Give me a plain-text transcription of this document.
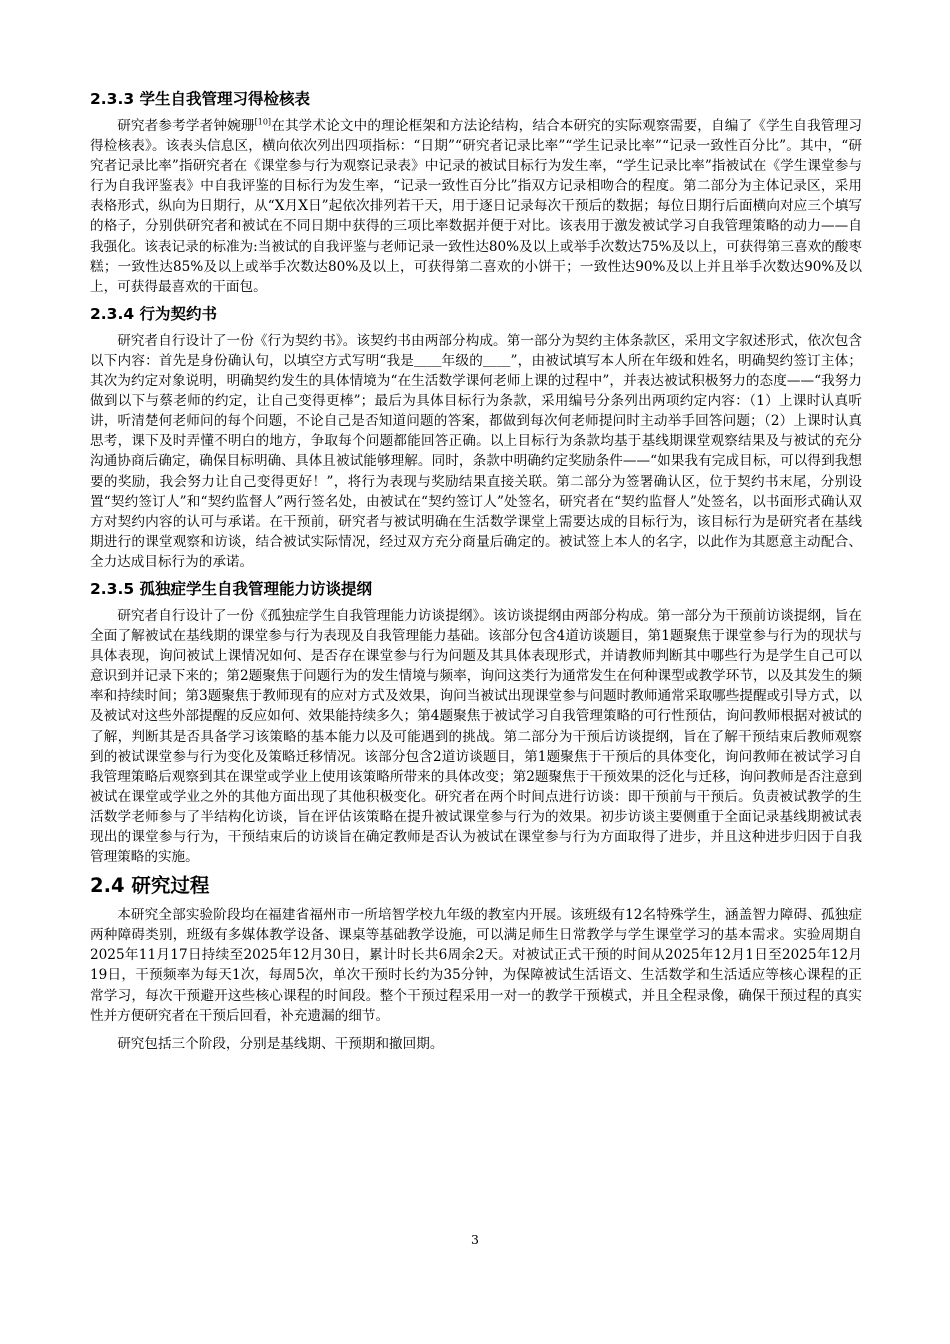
2.3.3 学生自我管理习得检核表

研究者参考学者钟婉珊[10]在其学术论文中的理论框架和方法论结构，结合本研究的实际观察需要，自编了《学生自我管理习得检核表》。该表头信息区，横向依次列出四项指标：“日期”“研究者记录比率”“学生记录比率”“记录一致性百分比”。其中，“研究者记录比率”指研究者在《课堂参与行为观察记录表》中记录的被试目标行为发生率，“学生记录比率”指被试在《学生课堂参与行为自我评鉴表》中自我评鉴的目标行为发生率，“记录一致性百分比”指双方记录相吻合的程度。第二部分为主体记录区，采用表格形式，纵向为日期行，从“X月X日”起依次排列若干天，用于逐日记录每次干预后的数据；每位日期行后面横向对应三个填写的格子，分别供研究者和被试在不同日期中获得的三项比率数据并便于对比。该表用于激发被试学习自我管理策略的动力——自我强化。该表记录的标准为:当被试的自我评鉴与老师记录一致性达80%及以上或举手次数达75%及以上，可获得第三喜欢的酸枣糕；一致性达85%及以上或举手次数达80%及以上，可获得第二喜欢的小饼干；一致性达90%及以上并且举手次数达90%及以上，可获得最喜欢的干面包。

2.3.4 行为契约书

研究者自行设计了一份《行为契约书》。该契约书由两部分构成。第一部分为契约主体条款区，采用文字叙述形式，依次包含以下内容：首先是身份确认句，以填空方式写明“我是＿＿年级的＿＿”，由被试填写本人所在年级和姓名，明确契约签订主体；其次为约定对象说明，明确契约发生的具体情境为“在生活数学课何老师上课的过程中”，并表达被试积极努力的态度——“我努力做到以下与蔡老师的约定，让自己变得更棒”；最后为具体目标行为条款，采用编号分条列出两项约定内容：（1）上课时认真听讲，听清楚何老师问的每个问题，不论自己是否知道问题的答案，都做到每次何老师提问时主动举手回答问题；（2）上课时认真思考，课下及时弄懂不明白的地方，争取每个问题都能回答正确。以上目标行为条款均基于基线期课堂观察结果及与被试的充分沟通协商后确定，确保目标明确、具体且被试能够理解。同时，条款中明确约定奖励条件——“如果我有完成目标，可以得到我想要的奖励，我会努力让自己变得更好！”，将行为表现与奖励结果直接关联。第二部分为签署确认区，位于契约书末尾，分别设置“契约签订人”和“契约监督人”两行签名处，由被试在“契约签订人”处签名，研究者在“契约监督人”处签名，以书面形式确认双方对契约内容的认可与承诺。在干预前，研究者与被试明确在生活数学课堂上需要达成的目标行为，该目标行为是研究者在基线期进行的课堂观察和访谈，结合被试实际情况，经过双方充分商量后确定的。被试签上本人的名字，以此作为其愿意主动配合、全力达成目标行为的承诺。

2.3.5 孤独症学生自我管理能力访谈提纲

研究者自行设计了一份《孤独症学生自我管理能力访谈提纲》。该访谈提纲由两部分构成。第一部分为干预前访谈提纲，旨在全面了解被试在基线期的课堂参与行为表现及自我管理能力基础。该部分包含4道访谈题目，第1题聚焦于课堂参与行为的现状与具体表现，询问被试上课情况如何、是否存在课堂参与行为问题及其具体表现形式，并请教师判断其中哪些行为是学生自己可以意识到并记录下来的；第2题聚焦于问题行为的发生情境与频率，询问这类行为通常发生在何种课型或教学环节，以及其发生的频率和持续时间；第3题聚焦于教师现有的应对方式及效果，询问当被试出现课堂参与问题时教师通常采取哪些提醒或引导方式，以及被试对这些外部提醒的反应如何、效果能持续多久；第4题聚焦于被试学习自我管理策略的可行性预估，询问教师根据对被试的了解，判断其是否具备学习该策略的基本能力以及可能遇到的挑战。第二部分为干预后访谈提纲，旨在了解干预结束后教师观察到的被试课堂参与行为变化及策略迁移情况。该部分包含2道访谈题目，第1题聚焦于干预后的具体变化，询问教师在被试学习自我管理策略后观察到其在课堂或学业上使用该策略所带来的具体改变；第2题聚焦于干预效果的泛化与迁移，询问教师是否注意到被试在课堂或学业之外的其他方面出现了其他积极变化。研究者在两个时间点进行访谈：即干预前与干预后。负责被试教学的生活数学老师参与了半结构化访谈，旨在评估该策略在提升被试课堂参与行为的效果。初步访谈主要侧重于全面记录基线期被试表现出的课堂参与行为，干预结束后的访谈旨在确定教师是否认为被试在课堂参与行为方面取得了进步，并且这种进步归因于自我管理策略的实施。

2.4 研究过程

本研究全部实验阶段均在福建省福州市一所培智学校九年级的教室内开展。该班级有12名特殊学生，涵盖智力障碍、孤独症两种障碍类别，班级有多媒体教学设备、课桌等基础教学设施，可以满足师生日常教学与学生课堂学习的基本需求。实验周期自2025年11月17日持续至2025年12月30日，累计时长共6周余2天。对被试正式干预的时间从2025年12月1日至2025年12月19日，干预频率为每天1次，每周5次，单次干预时长约为35分钟，为保障被试生活语文、生活数学和生活适应等核心课程的正常学习，每次干预避开这些核心课程的时间段。整个干预过程采用一对一的教学干预模式，并且全程录像，确保干预过程的真实性并方便研究者在干预后回看，补充遗漏的细节。

研究包括三个阶段，分别是基线期、干预期和撤回期。

3
